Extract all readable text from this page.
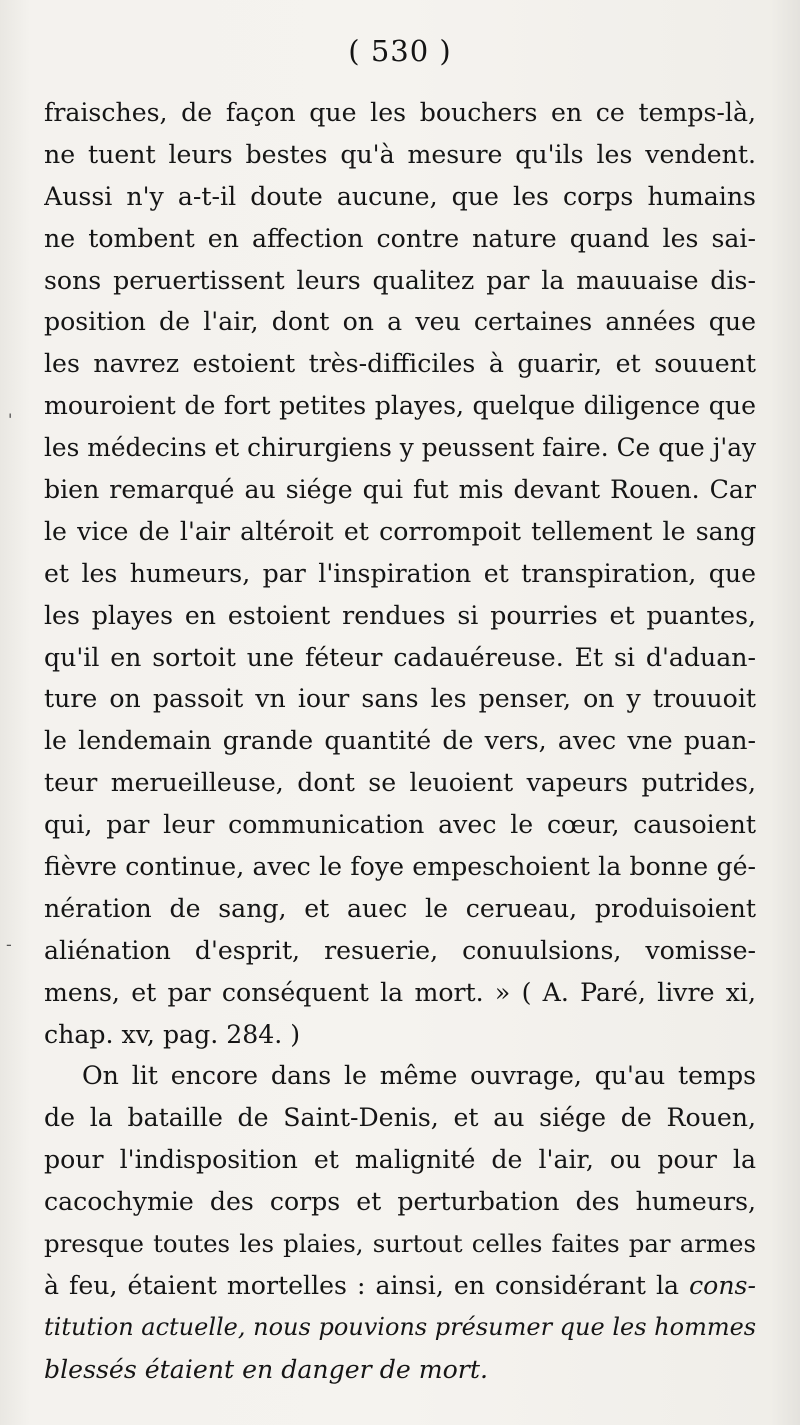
( 530 )
fraisches, de façon que les bouchers en ce temps-là,
ne tuent leurs bestes qu'à mesure qu'ils les vendent.
Aussi n'y a-t-il doute aucune, que les corps humains
ne tombent en affection contre nature quand les sai-
sons peruertissent leurs qualitez par la mauuaise dis-
position de l'air, dont on a veu certaines années que
les navrez estoient très-difficiles à guarir, et souuent
mouroient de fort petites playes, quelque diligence que
les médecins et chirurgiens y peussent faire. Ce que j'ay
bien remarqué au siége qui fut mis devant Rouen. Car
le vice de l'air altéroit et corrompoit tellement le sang
et les humeurs, par l'inspiration et transpiration, que
les playes en estoient rendues si pourries et puantes,
qu'il en sortoit une féteur cadauéreuse. Et si d'aduan-
ture on passoit vn iour sans les penser, on y trouuoit
le lendemain grande quantité de vers, avec vne puan-
teur merueilleuse, dont se leuoient vapeurs putrides,
qui, par leur communication avec le cœur, causoient
fièvre continue, avec le foye empeschoient la bonne gé-
nération de sang, et auec le cerueau, produisoient
aliénation d'esprit, resuerie, conuulsions, vomisse-
mens, et par conséquent la mort. » ( A. Paré, livre xi,
chap. xv, pag. 284. )
On lit encore dans le même ouvrage, qu'au temps
de la bataille de Saint-Denis, et au siége de Rouen,
pour l'indisposition et malignité de l'air, ou pour la
cacochymie des corps et perturbation des humeurs,
presque toutes les plaies, surtout celles faites par armes
à feu, étaient mortelles : ainsi, en considérant la cons-
titution actuelle, nous pouvions présumer que les hommes
blessés étaient en danger de mort.
'
-
